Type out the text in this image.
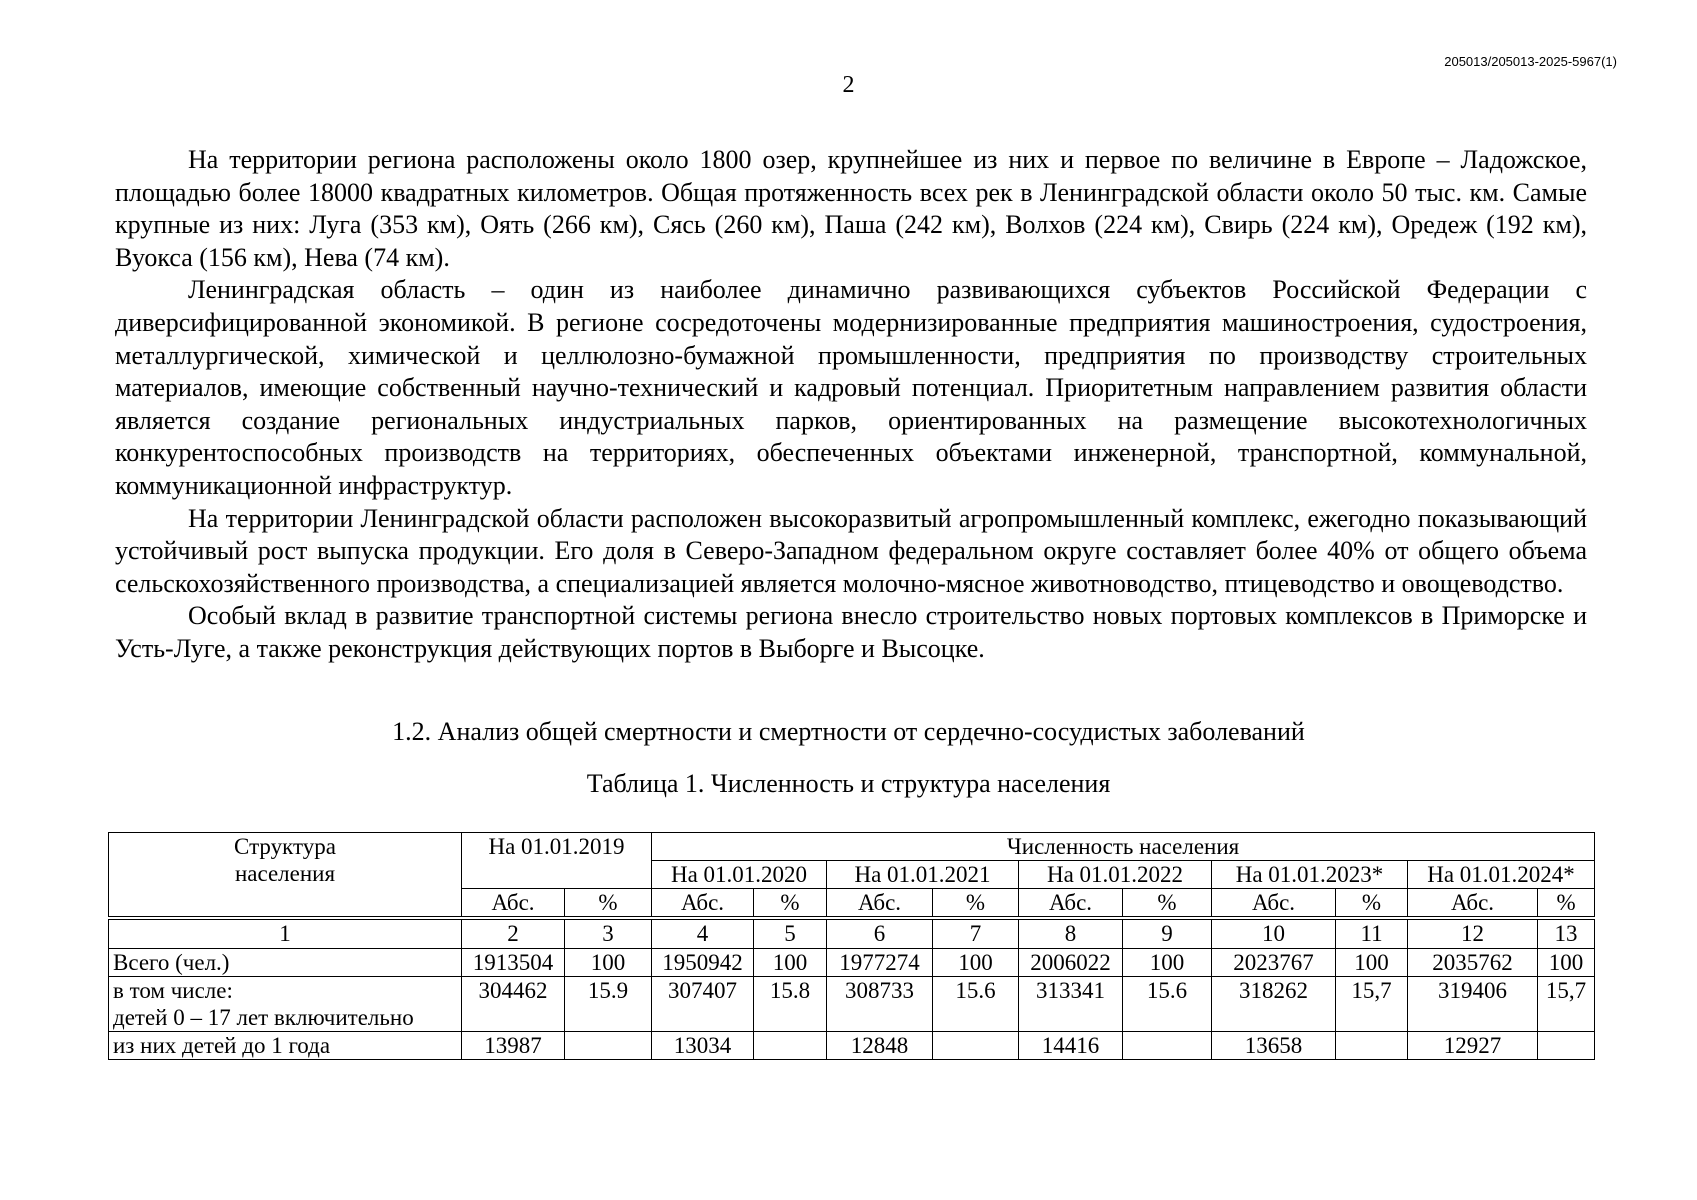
205013/205013-2025-5967(1)
2

На территории региона расположены около 1800 озер, крупнейшее из них и первое по величине в Европе – Ладожское, площадью более 18000 квадратных километров. Общая протяженность всех рек в Ленинградской области около 50 тыс. км. Самые крупные из них: Луга (353 км), Оять (266 км), Сясь (260 км), Паша (242 км), Волхов (224 км), Свирь (224 км), Оредеж (192 км), Вуокса (156 км), Нева (74 км).

Ленинградская область – один из наиболее динамично развивающихся субъектов Российской Федерации с диверсифицированной экономикой. В регионе сосредоточены модернизированные предприятия машиностроения, судостроения, металлургической, химической и целлюлозно-бумажной промышленности, предприятия по производству строительных материалов, имеющие собственный научно-технический и кадровый потенциал. Приоритетным направлением развития области является создание региональных индустриальных парков, ориентированных на размещение высокотехнологичных конкурентоспособных производств на территориях, обеспеченных объектами инженерной, транспортной, коммунальной, коммуникационной инфраструктур.

На территории Ленинградской области расположен высокоразвитый агропромышленный комплекс, ежегодно показывающий устойчивый рост выпуска продукции. Его доля в Северо-Западном федеральном округе составляет более 40% от общего объема сельскохозяйственного производства, а специализацией является молочно-мясное животноводство, птицеводство и овощеводство.

Особый вклад в развитие транспортной системы региона внесло строительство новых портовых комплексов в Приморске и Усть-Луге, а также реконструкция действующих портов в Выборге и Высоцке.

1.2. Анализ общей смертности и смертности от сердечно-сосудистых заболеваний
Таблица 1. Численность и структура населения
Структура
населения	На 01.01.2019		Численность населения									
			На 01.01.2020		На 01.01.2021		На 01.01.2022		На 01.01.2023*		На 01.01.2024*	
	Абс.	%	Абс.	%	Абс.	%	Абс.	%	Абс.	%	Абс.	%
1	2	3	4	5	6	7	8	9	10	11	12	13
Всего (чел.)	1913504	100	1950942	100	1977274	100	2006022	100	2023767	100	2035762	100
в том числе:
детей 0 – 17 лет включительно	304462	15.9	307407	15.8	308733	15.6	313341	15.6	318262	15,7	319406	15,7
из них детей до 1 года	13987		13034		12848		14416		13658		12927	
